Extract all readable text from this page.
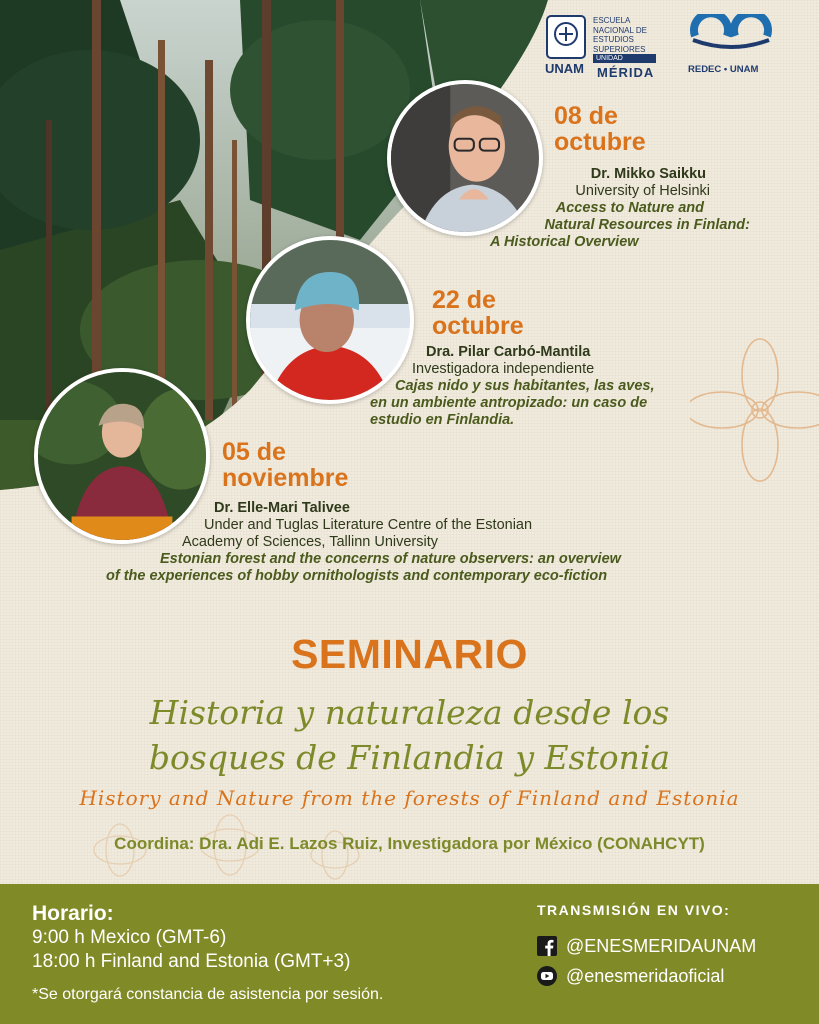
UNAM
ESCUELA
NACIONAL DE
ESTUDIOS
SUPERIORES
UNIDAD
MÉRIDA	REDEC • UNAM
08 de
octubre
Dr. Mikko Saikku
University of Helsinki
Access to Nature and
Natural Resources in Finland:
A Historical Overview
22 de
octubre
Dra. Pilar Carbó-Mantila
Investigadora independiente
Cajas nido y sus habitantes, las aves,
en un ambiente antropizado: un caso de
estudio en Finlandia.
05 de
noviembre
Dr. Elle-Mari Talivee
Under and Tuglas Literature Centre of the Estonian
Academy of Sciences, Tallinn University
Estonian forest and the concerns of nature observers: an overview
of the experiences of hobby ornithologists and contemporary eco-fiction
SEMINARIO
Historia y naturaleza desde los
bosques de Finlandia y Estonia
History and Nature from the forests of Finland and Estonia
Coordina: Dra. Adi E. Lazos Ruiz, Investigadora por México (CONAHCYT)
Horario:
9:00 h Mexico (GMT-6)
18:00 h Finland and Estonia (GMT+3)
*Se otorgará constancia de asistencia por sesión.
TRANSMISIÓN EN VIVO:
@ENESMERIDAUNAM
@enesmeridaoficial
